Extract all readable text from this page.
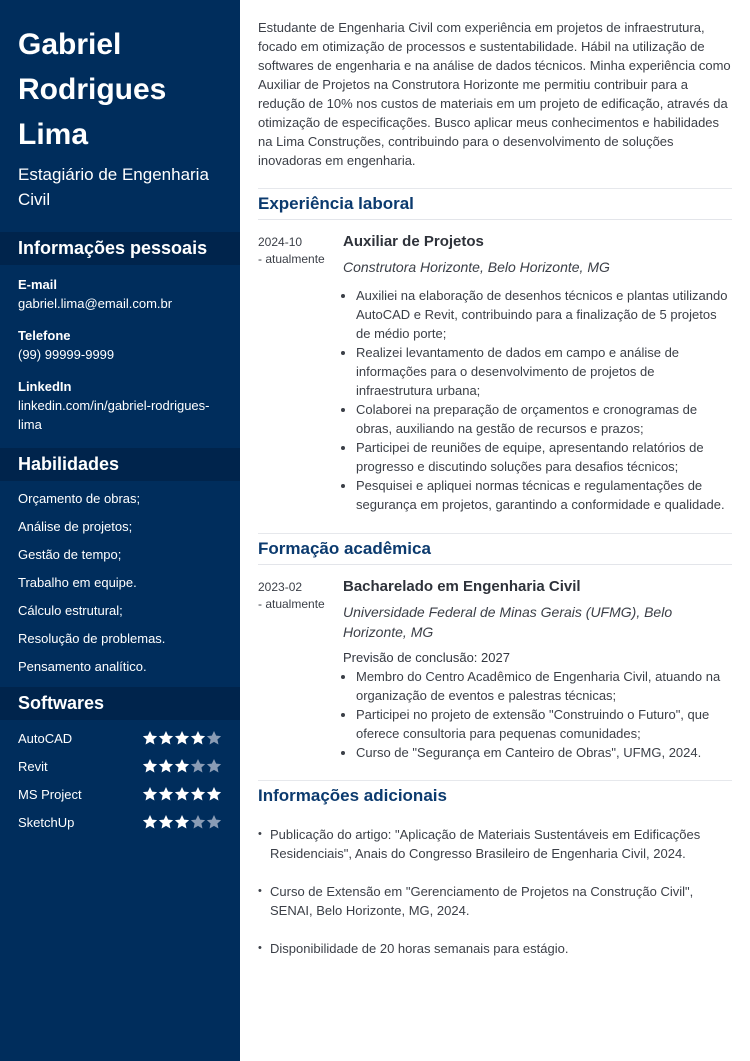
Gabriel
Rodrigues
Lima
Estagiário de Engenharia Civil
Informações pessoais
E-mail
gabriel.lima@email.com.br
Telefone
(99) 99999-9999
LinkedIn
linkedin.com/in/gabriel-rodrigues-lima
Habilidades
Orçamento de obras;
Análise de projetos;
Gestão de tempo;
Trabalho em equipe.
Cálculo estrutural;
Resolução de problemas.
Pensamento analítico.
Softwares
AutoCAD
Revit
MS Project
SketchUp

Estudante de Engenharia Civil com experiência em projetos de infraestrutura, focado em otimização de processos e sustentabilidade. Hábil na utilização de softwares de engenharia e na análise de dados técnicos. Minha experiência como Auxiliar de Projetos na Construtora Horizonte me permitiu contribuir para a redução de 10% nos custos de materiais em um projeto de edificação, através da otimização de especificações. Busco aplicar meus conhecimentos e habilidades na Lima Construções, contribuindo para o desenvolvimento de soluções inovadoras em engenharia.

Experiência laboral
2024-10
- atualmente
Auxiliar de Projetos
Construtora Horizonte, Belo Horizonte, MG
• Auxiliei na elaboração de desenhos técnicos e plantas utilizando AutoCAD e Revit, contribuindo para a finalização de 5 projetos de médio porte;
• Realizei levantamento de dados em campo e análise de informações para o desenvolvimento de projetos de infraestrutura urbana;
• Colaborei na preparação de orçamentos e cronogramas de obras, auxiliando na gestão de recursos e prazos;
• Participei de reuniões de equipe, apresentando relatórios de progresso e discutindo soluções para desafios técnicos;
• Pesquisei e apliquei normas técnicas e regulamentações de segurança em projetos, garantindo a conformidade e qualidade.
Formação acadêmica
2023-02
- atualmente
Bacharelado em Engenharia Civil
Universidade Federal de Minas Gerais (UFMG), Belo Horizonte, MG
Previsão de conclusão: 2027
• Membro do Centro Acadêmico de Engenharia Civil, atuando na organização de eventos e palestras técnicas;
• Participei no projeto de extensão "Construindo o Futuro", que oferece consultoria para pequenas comunidades;
• Curso de "Segurança em Canteiro de Obras", UFMG, 2024.
Informações adicionais
• Publicação do artigo: "Aplicação de Materiais Sustentáveis em Edificações Residenciais", Anais do Congresso Brasileiro de Engenharia Civil, 2024.
• Curso de Extensão em "Gerenciamento de Projetos na Construção Civil", SENAI, Belo Horizonte, MG, 2024.
• Disponibilidade de 20 horas semanais para estágio.
